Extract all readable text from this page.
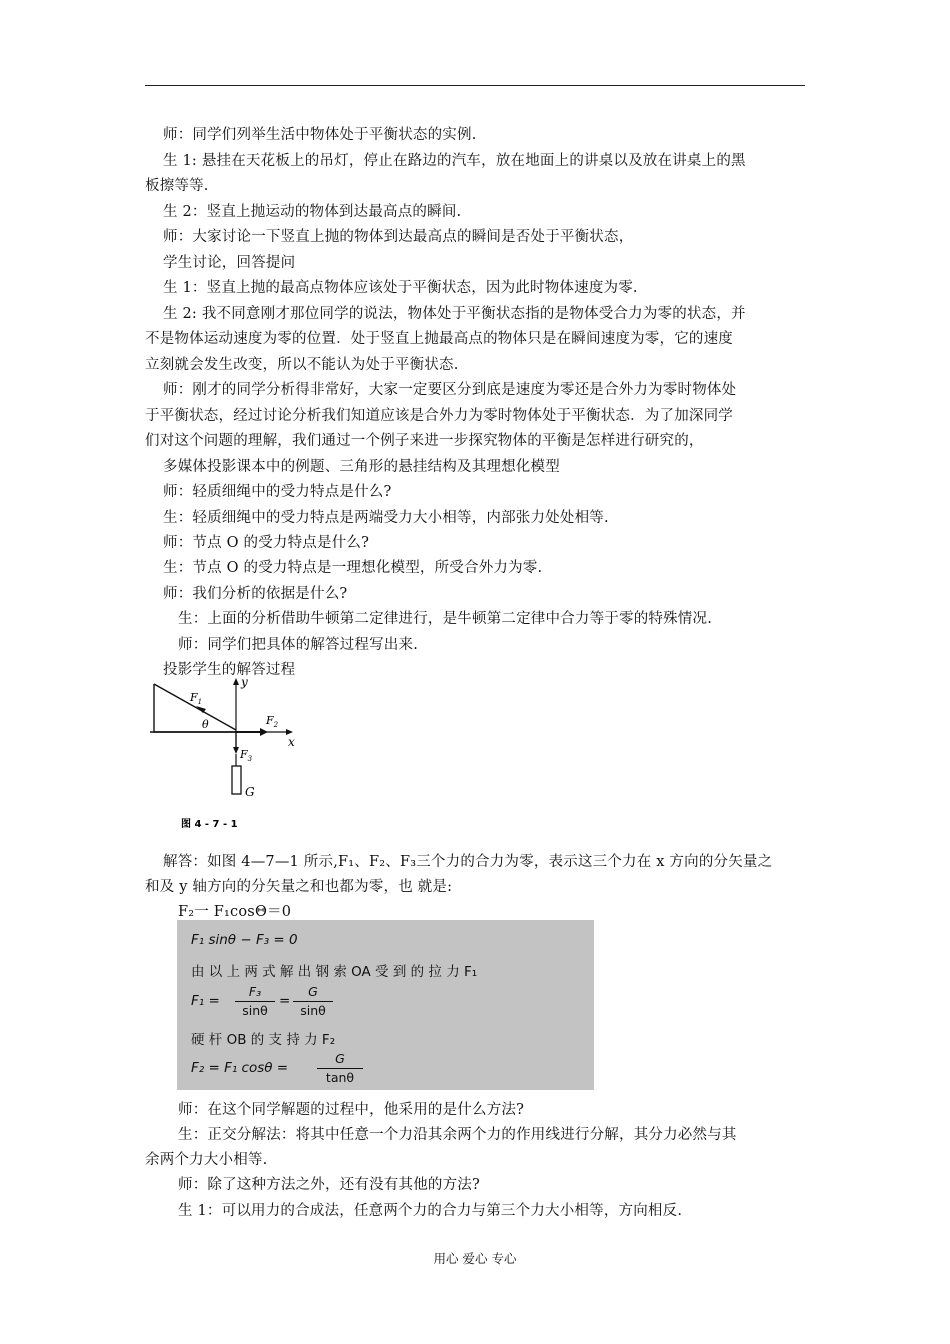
师：同学们列举生活中物体处于平衡状态的实例.
生 1: 悬挂在天花板上的吊灯，停止在路边的汽车，放在地面上的讲桌以及放在讲桌上的黑
板擦等等.
生 2：竖直上抛运动的物体到达最高点的瞬间.
师：大家讨论一下竖直上抛的物体到达最高点的瞬间是否处于平衡状态，
学生讨论，回答提问
生 1：竖直上抛的最高点物体应该处于平衡状态，因为此时物体速度为零.
生 2: 我不同意刚才那位同学的说法，物体处于平衡状态指的是物体受合力为零的状态，并
不是物体运动速度为零的位置．处于竖直上抛最高点的物体只是在瞬间速度为零，它的速度
立刻就会发生改变，所以不能认为处于平衡状态.
师：刚才的同学分析得非常好，大家一定要区分到底是速度为零还是合外力为零时物体处
于平衡状态，经过讨论分析我们知道应该是合外力为零时物体处于平衡状态．为了加深同学
们对这个问题的理解，我们通过一个例子来进一步探究物体的平衡是怎样进行研究的，
多媒体投影课本中的例题、三角形的悬挂结构及其理想化模型
师：轻质细绳中的受力特点是什么?
生：轻质细绳中的受力特点是两端受力大小相等，内部张力处处相等.
师：节点 O 的受力特点是什么?
生：节点 O 的受力特点是一理想化模型，所受合外力为零.
师：我们分析的依据是什么?
生：上面的分析借助牛顿第二定律进行，是牛顿第二定律中合力等于零的特殊情况.
师：同学们把具体的解答过程写出来.
投影学生的解答过程
y
x
$F_1$
$F_2$
$F_3$
θ
G
图 4 - 7 - 1
解答：如图 4—7—1 所示,F₁、F₂、F₃三个力的合力为零，表示这三个力在 x 方向的分矢量之
和及 y 轴方向的分矢量之和也都为零，也 就是:
F₂一 F₁cosΘ＝0
F₁ sinθ − F₃ = 0
由 以 上 两 式 解 出 钢 索 OA 受 到 的 拉 力 F₁
F₁ =
F₃
sinθ
=
G
sinθ
硬 杆 OB 的 支 持 力 F₂
F₂ = F₁ cosθ =
G
tanθ
师：在这个同学解题的过程中，他采用的是什么方法?
生：正交分解法：将其中任意一个力沿其余两个力的作用线进行分解，其分力必然与其
余两个力大小相等.
师：除了这种方法之外，还有没有其他的方法?
生 1：可以用力的合成法，任意两个力的合力与第三个力大小相等，方向相反.
用心 爱心 专心
